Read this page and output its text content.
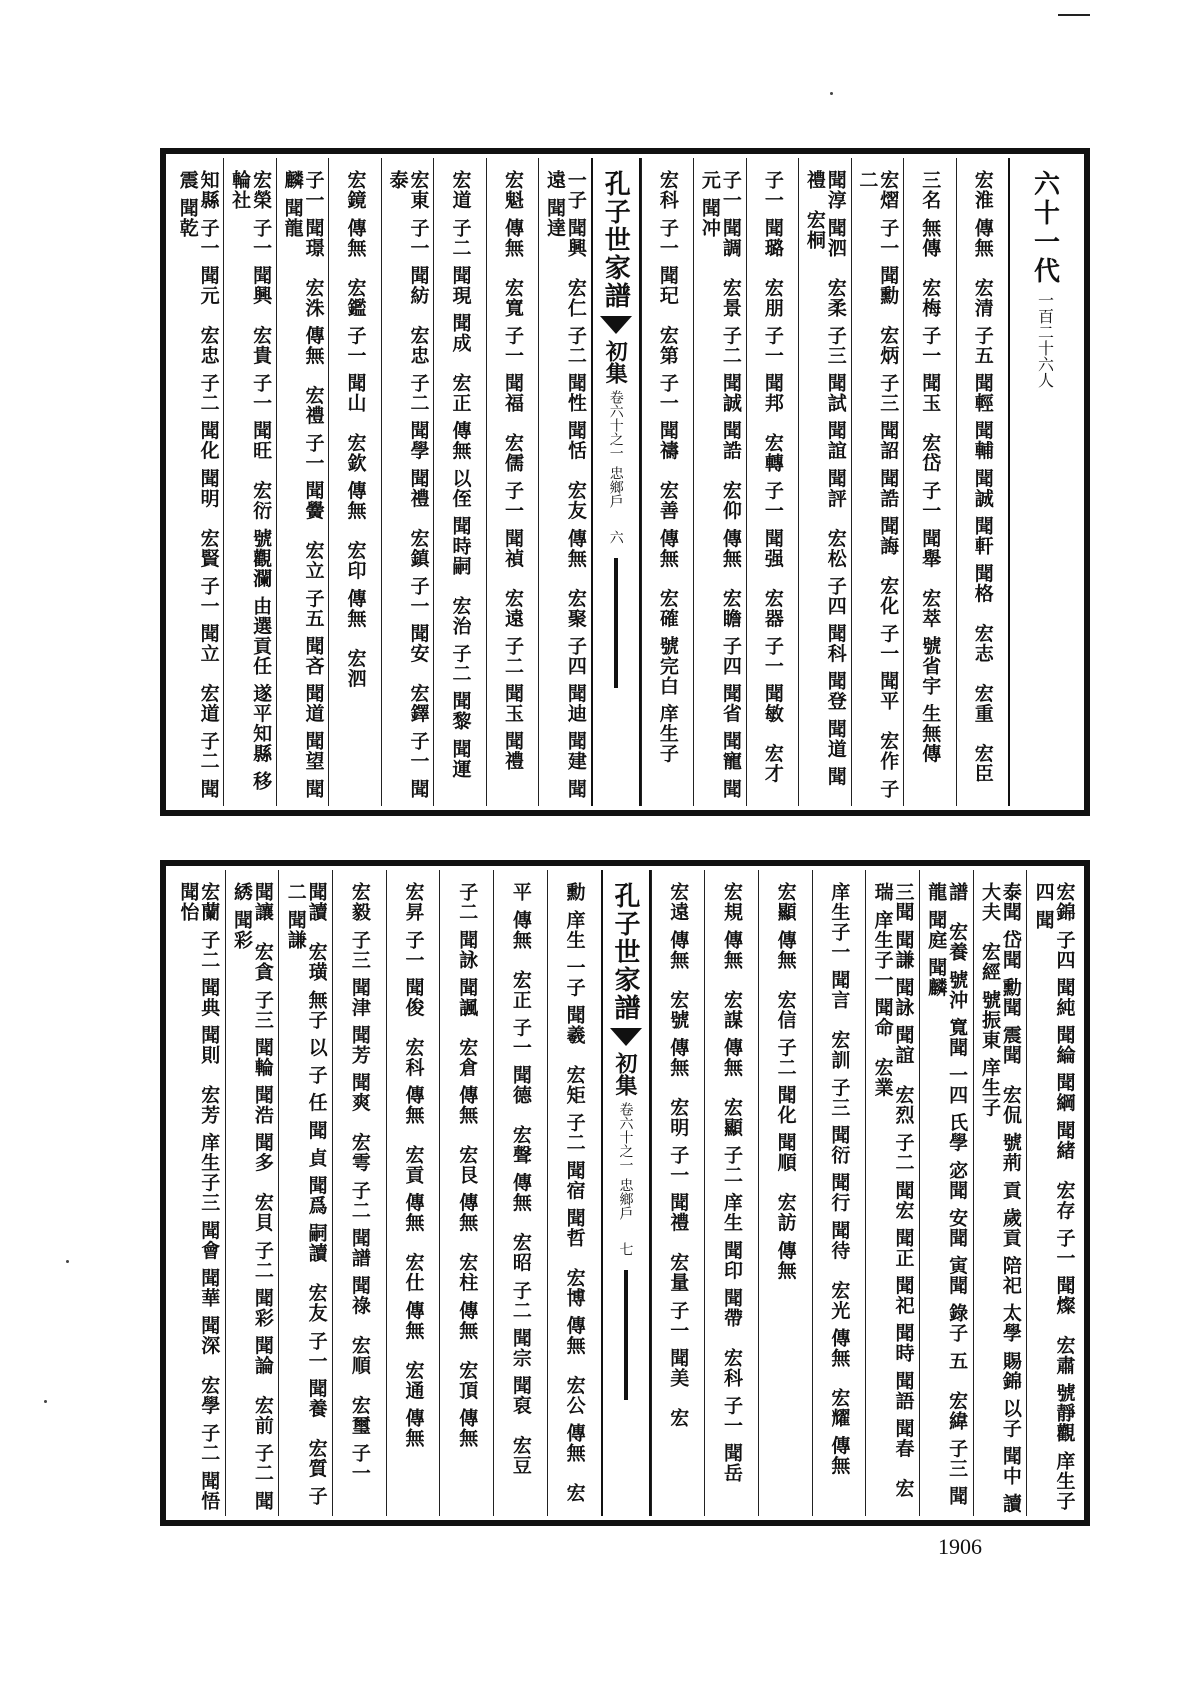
六十一代
一百二十六人
宏淮 傳無　宏清 子五 聞輕 聞輔 聞誠 聞軒 聞格　宏志　宏重　宏臣
三名 無傳　宏梅 子一 聞玉　宏岱 子一 聞舉　宏萃 號省宇 生無傳
宏熠 子一 聞勳　宏炳 子三 聞詔 聞誥 聞誨　宏化 子一 聞平　宏作 子二
聞淳 聞泗　宏柔 子三 聞試 聞誼 聞評　宏松 子四 聞科 聞登 聞道 聞禮　宏桐
子一 聞璐　宏朋 子一 聞邦　宏轉 子一 聞强　宏器 子一 聞敏　宏才
子一 聞調　宏景 子二 聞誠 聞誥　宏仰 傳無　宏瞻 子四 聞省 聞寵 聞元 聞冲
宏科 子一 聞玘　宏第 子一 聞禱　宏善 傳無　宏確 號完白 庠生子
孔子世家譜
初集
卷六十之一
忠鄉戶
六
一子 聞興　宏仁 子二 聞性 聞恬　宏友 傳無　宏聚 子四 聞迪 聞建 聞遠 聞達
宏魁 傳無　宏寬 子一 聞福　宏儒 子一 聞禎　宏遠 子二 聞玉 聞禮
宏道 子二 聞現 聞成　宏正 傳無 以侄 聞時嗣　宏治 子二 聞黎 聞運
宏東 子一 聞紡　宏忠 子二 聞學 聞禮　宏鎮 子一 聞安　宏鐸 子一 聞泰
宏鏡 傳無　宏鑑 子一 聞山　宏欽 傳無　宏印 傳無　宏泗
子一 聞璟　宏洙 傳無　宏禮 子一 聞黌　宏立 子五 聞吝 聞道 聞望 聞麟 聞龍
宏榮 子一 聞興　宏貴 子一 聞旺　宏衍 號觀瀾 由選貢任 遂平知縣 移輪社
知縣 子一 聞元　宏忠 子二 聞化 聞明　宏賢 子一 聞立　宏道 子二 聞震 聞乾
宏錦 子四 聞純 聞綸 聞綱 聞緒　宏存 子一 聞燦　宏肅 號靜觀 庠生子四 聞
泰聞 岱聞 勳聞 震聞　宏侃 號荊 貢 歲貢 陪祀 太學 賜錦 以子 聞中 讀大夫　宏經 號振東 庠生子
譜　宏養 號沖 寬聞 一四 氏學 宓聞 安聞 寅聞 錄子 五　宏緯 子三 聞龍 聞庭 聞麟
三聞 聞謙 聞詠 聞誼　宏烈 子二 聞宏 聞正 聞祀 聞時 聞語 聞春　宏瑞 庠生子一 聞命　宏業
庠生子一 聞言　宏訓 子三 聞衍 聞行 聞待　宏光 傳無　宏耀 傳無
宏顯 傳無　宏信 子二 聞化 聞順　宏訪 傳無
宏規 傳無　宏謀 傳無　宏顯 子二 庠生 聞印 聞帶　宏科 子一 聞岳
宏遠 傳無　宏號 傳無　宏明 子一 聞禮　宏量 子一 聞美　宏
孔子世家譜
初集
卷六十之一
忠鄉戶
七
勳 庠生 一子 聞羲　宏矩 子二 聞宿 聞哲　宏博 傳無　宏公 傳無　宏
平 傳無　宏正 子一 聞德　宏聲 傳無　宏昭 子二 聞宗 聞裒　宏豆
子二 聞詠 聞諷　宏倉 傳無　宏艮 傳無　宏柱 傳無　宏頂 傳無
宏昇 子一 聞俊　宏科 傳無　宏貢 傳無　宏仕 傳無　宏通 傳無
宏毅 子三 聞津 聞芳 聞爽　宏雩 子二 聞譜 聞祿　宏順　宏璽 子一
聞讀　宏璜 無子 以 子 任 聞 貞 聞爲 嗣讀　宏友 子一 聞養　宏質 子二 聞謙
聞讓　宏貪 子三 聞輪 聞浩 聞多　宏貝 子二 聞彩 聞論　宏前 子二 聞綉 聞彩
宏蘭 子二 聞典 聞則　宏芳 庠生子三 聞會 聞華 聞深　宏學 子二 聞悟 聞怡
1906
